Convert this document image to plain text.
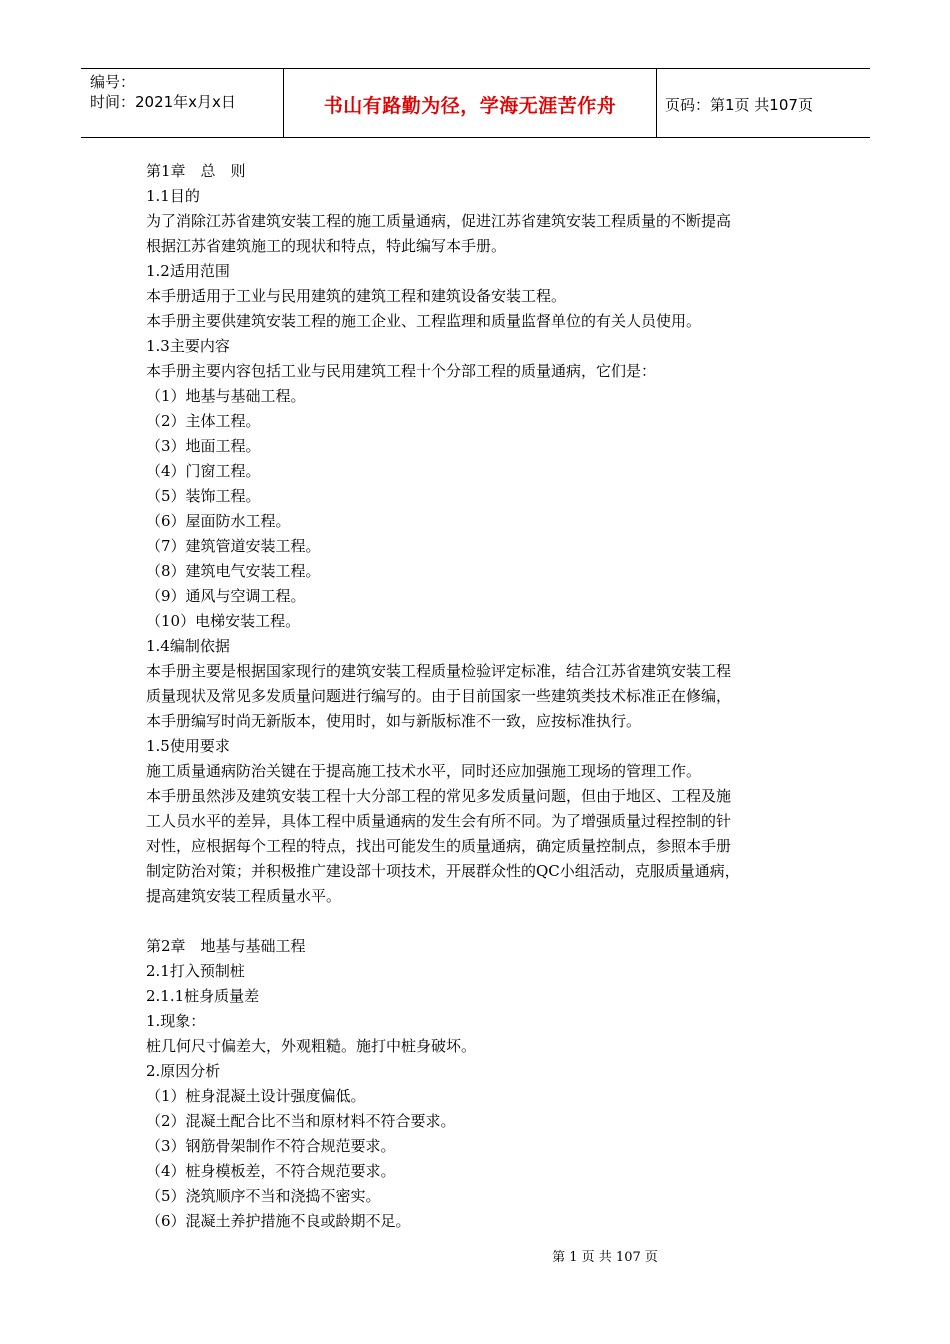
编号：
时间：2021年x月x日	书山有路勤为径，学海无涯苦作舟	页码：第1页 共107页
第1章　总　则
1.1目的
为了消除江苏省建筑安装工程的施工质量通病，促进江苏省建筑安装工程质量的不断提高
根据江苏省建筑施工的现状和特点，特此编写本手册。
1.2适用范围
本手册适用于工业与民用建筑的建筑工程和建筑设备安装工程。
本手册主要供建筑安装工程的施工企业、工程监理和质量监督单位的有关人员使用。
1.3主要内容
本手册主要内容包括工业与民用建筑工程十个分部工程的质量通病，它们是：
（1）地基与基础工程。
（2）主体工程。
（3）地面工程。
（4）门窗工程。
（5）装饰工程。
（6）屋面防水工程。
（7）建筑管道安装工程。
（8）建筑电气安装工程。
（9）通风与空调工程。
（10）电梯安装工程。
1.4编制依据
本手册主要是根据国家现行的建筑安装工程质量检验评定标准，结合江苏省建筑安装工程
质量现状及常见多发质量问题进行编写的。由于目前国家一些建筑类技术标准正在修编，
本手册编写时尚无新版本，使用时，如与新版标准不一致，应按标准执行。
1.5使用要求
施工质量通病防治关键在于提高施工技术水平，同时还应加强施工现场的管理工作。
本手册虽然涉及建筑安装工程十大分部工程的常见多发质量问题，但由于地区、工程及施
工人员水平的差异，具体工程中质量通病的发生会有所不同。为了增强质量过程控制的针
对性，应根据每个工程的特点，找出可能发生的质量通病，确定质量控制点，参照本手册
制定防治对策；并积极推广建设部十项技术，开展群众性的QC小组活动，克服质量通病，
提高建筑安装工程质量水平。
第2章　地基与基础工程
2.1打入预制桩
2.1.1桩身质量差
1.现象：
桩几何尺寸偏差大，外观粗糙。施打中桩身破坏。
2.原因分析
（1）桩身混凝土设计强度偏低。
（2）混凝土配合比不当和原材料不符合要求。
（3）钢筋骨架制作不符合规范要求。
（4）桩身模板差，不符合规范要求。
（5）浇筑顺序不当和浇捣不密实。
（6）混凝土养护措施不良或龄期不足。
第 1 页 共 107 页
